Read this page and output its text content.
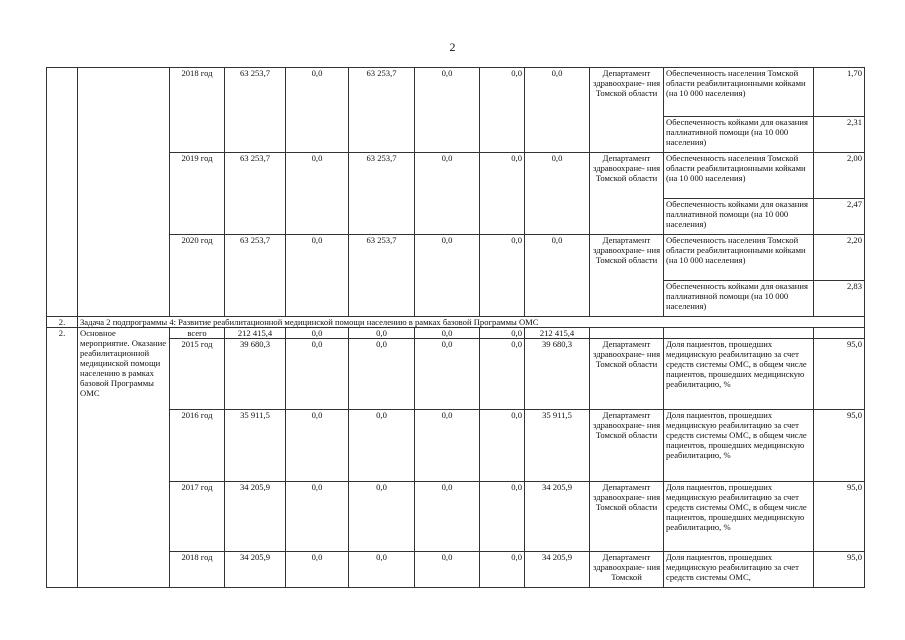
2
		2018 год	63 253,7	0,0	63 253,7	0,0	0,0	0,0	Департамент здравоохране- ния Томской области	Обеспеченность населения Томской области реабилитационными койками (на 10 000 населения)	1,70
										Обеспеченность койками для оказания паллиативной помощи (на 10 000 населения)	2,31
		2019 год	63 253,7	0,0	63 253,7	0,0	0,0	0,0	Департамент здравоохране- ния Томской области	Обеспеченность населения Томской области реабилитационными койками (на 10 000 населения)	2,00
										Обеспеченность койками для оказания паллиативной помощи (на 10 000 населения)	2,47
		2020 год	63 253,7	0,0	63 253,7	0,0	0,0	0,0	Департамент здравоохране- ния Томской области	Обеспеченность населения Томской области реабилитационными койками (на 10 000 населения)	2,20
										Обеспеченность койками для оказания паллиативной помощи (на 10 000 населения)	2,83
2.	Задача 2 подпрограммы 4: Развитие реабилитационной медицинской помощи населению в рамках базовой Программы ОМС										
2.	Основное мероприятие. Оказание реабилитационной медицинской помощи населению в рамках базовой Программы ОМС	всего	212 415,4	0,0	0,0	0,0	0,0	212 415,4			
		2015 год	39 680,3	0,0	0,0	0,0	0,0	39 680,3	Департамент здравоохране- ния Томской области	Доля пациентов, прошедших медицинскую реабилитацию за счет средств системы ОМС, в общем числе пациентов, прошедших медицинскую реабилитацию, %	95,0
		2016 год	35 911,5	0,0	0,0	0,0	0,0	35 911,5	Департамент здравоохране- ния Томской области	Доля пациентов, прошедших медицинскую реабилитацию за счет средств системы ОМС, в общем числе пациентов, прошедших медицинскую реабилитацию, %	95,0
		2017 год	34 205,9	0,0	0,0	0,0	0,0	34 205,9	Департамент здравоохране- ния Томской области	Доля пациентов, прошедших медицинскую реабилитацию за счет средств системы ОМС, в общем числе пациентов, прошедших медицинскую реабилитацию, %	95,0
		2018 год	34 205,9	0,0	0,0	0,0	0,0	34 205,9	Департамент здравоохране- ния Томской	Доля пациентов, прошедших медицинскую реабилитацию за счет средств системы ОМС,	95,0
